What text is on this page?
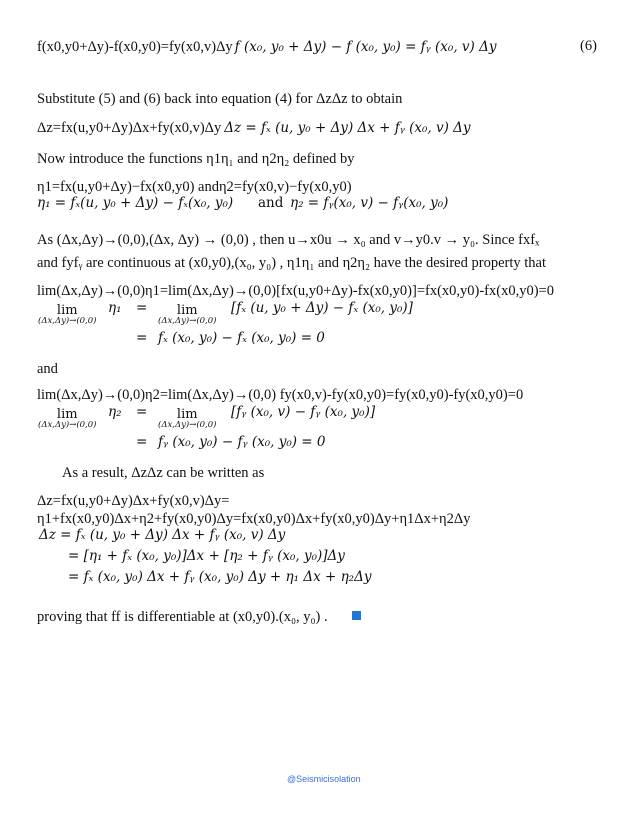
f(x0,y0+Δy)-f(x0,y0)=fy(x0,v)Δy f (x₀, y₀ + Δy) − f (x₀, y₀) = fᵧ (x₀, v) Δy	(6)
Substitute (5) and (6) back into equation (4) for ΔzΔz to obtain
Δz=fx(u,y0+Δy)Δx+fy(x0,v)Δy Δz = fₓ (u, y₀ + Δy) Δx + fᵧ (x₀, v) Δy
Now introduce the functions η1η₁ and η2η₂ defined by
η1=fx(u,y0+Δy)−fx(x0,y0) andη2=fy(x0,v)−fy(x0,y0)
η₁ = fₓ(u, y₀ + Δy) − fₓ(x₀, y₀) and η₂ = fᵧ(x₀, v) − fᵧ(x₀, y₀)
As (Δx,Δy)→(0,0),(Δx, Δy) → (0,0) , then u→x0u → x₀ and v→y0.v → y₀. Since fxfₓ
and fyfᵧ are continuous at (x0,y0),(x₀, y₀) , η1η₁ and η2η₂ have the desired property that
lim(Δx,Δy)→(0,0)η1=lim(Δx,Δy)→(0,0)[fx(u,y0+Δy)-fx(x0,y0)]=fx(x0,y0)-fx(x0,y0)=0
lim
(Δx,Δy)→(0,0)
η₁ =	lim
(Δx,Δy)→(0,0)
[fₓ (u, y₀ + Δy) − fₓ (x₀, y₀)]
= fₓ (x₀, y₀) − fₓ (x₀, y₀) = 0
and
lim(Δx,Δy)→(0,0)η2=lim(Δx,Δy)→(0,0) fy(x0,v)-fy(x0,y0)=fy(x0,y0)-fy(x0,y0)=0
lim
(Δx,Δy)→(0,0)
η₂ =	lim
(Δx,Δy)→(0,0)
[fᵧ (x₀, v) − fᵧ (x₀, y₀)]
= fᵧ (x₀, y₀) − fᵧ (x₀, y₀) = 0
As a result, ΔzΔz can be written as
Δz=fx(u,y0+Δy)Δx+fy(x0,v)Δy=
η1+fx(x0,y0)Δx+η2+fy(x0,y0)Δy=fx(x0,y0)Δx+fy(x0,y0)Δy+η1Δx+η2Δy
Δz = fₓ (u, y₀ + Δy) Δx + fᵧ (x₀, v) Δy
= [η₁ + fₓ (x₀, y₀)]Δx + [η₂ + fᵧ (x₀, y₀)]Δy
= fₓ (x₀, y₀) Δx + fᵧ (x₀, y₀) Δy + η₁ Δx + η₂Δy
proving that ff is differentiable at (x0,y0).(x₀, y₀) .
@Seismicisolation
